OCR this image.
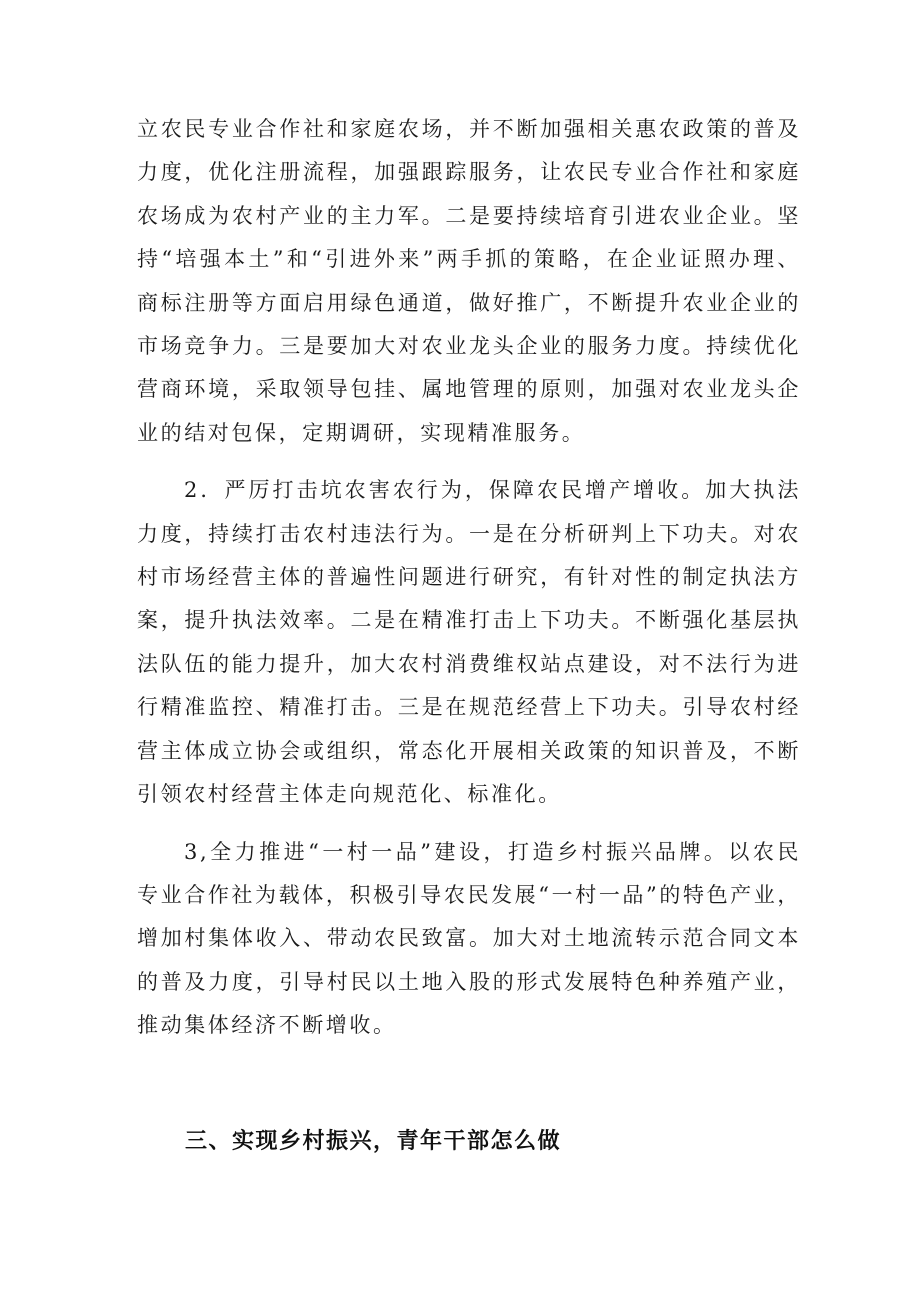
立农民专业合作社和家庭农场，并不断加强相关惠农政策的普及力度，优化注册流程，加强跟踪服务，让农民专业合作社和家庭农场成为农村产业的主力军。二是要持续培育引进农业企业。坚持“培强本土”和“引进外来”两手抓的策略，在企业证照办理、商标注册等方面启用绿色通道，做好推广，不断提升农业企业的市场竞争力。三是要加大对农业龙头企业的服务力度。持续优化营商环境，采取领导包挂、属地管理的原则，加强对农业龙头企业的结对包保，定期调研，实现精准服务。

2．严厉打击坑农害农行为，保障农民增产增收。加大执法力度，持续打击农村违法行为。一是在分析研判上下功夫。对农村市场经营主体的普遍性问题进行研究，有针对性的制定执法方案，提升执法效率。二是在精准打击上下功夫。不断强化基层执法队伍的能力提升，加大农村消费维权站点建设，对不法行为进行精准监控、精准打击。三是在规范经营上下功夫。引导农村经营主体成立协会或组织，常态化开展相关政策的知识普及，不断引领农村经营主体走向规范化、标准化。

3,全力推进“一村一品”建设，打造乡村振兴品牌。以农民专业合作社为载体，积极引导农民发展“一村一品”的特色产业，增加村集体收入、带动农民致富。加大对土地流转示范合同文本的普及力度，引导村民以土地入股的形式发展特色种养殖产业，推动集体经济不断增收。

三、实现乡村振兴，青年干部怎么做
